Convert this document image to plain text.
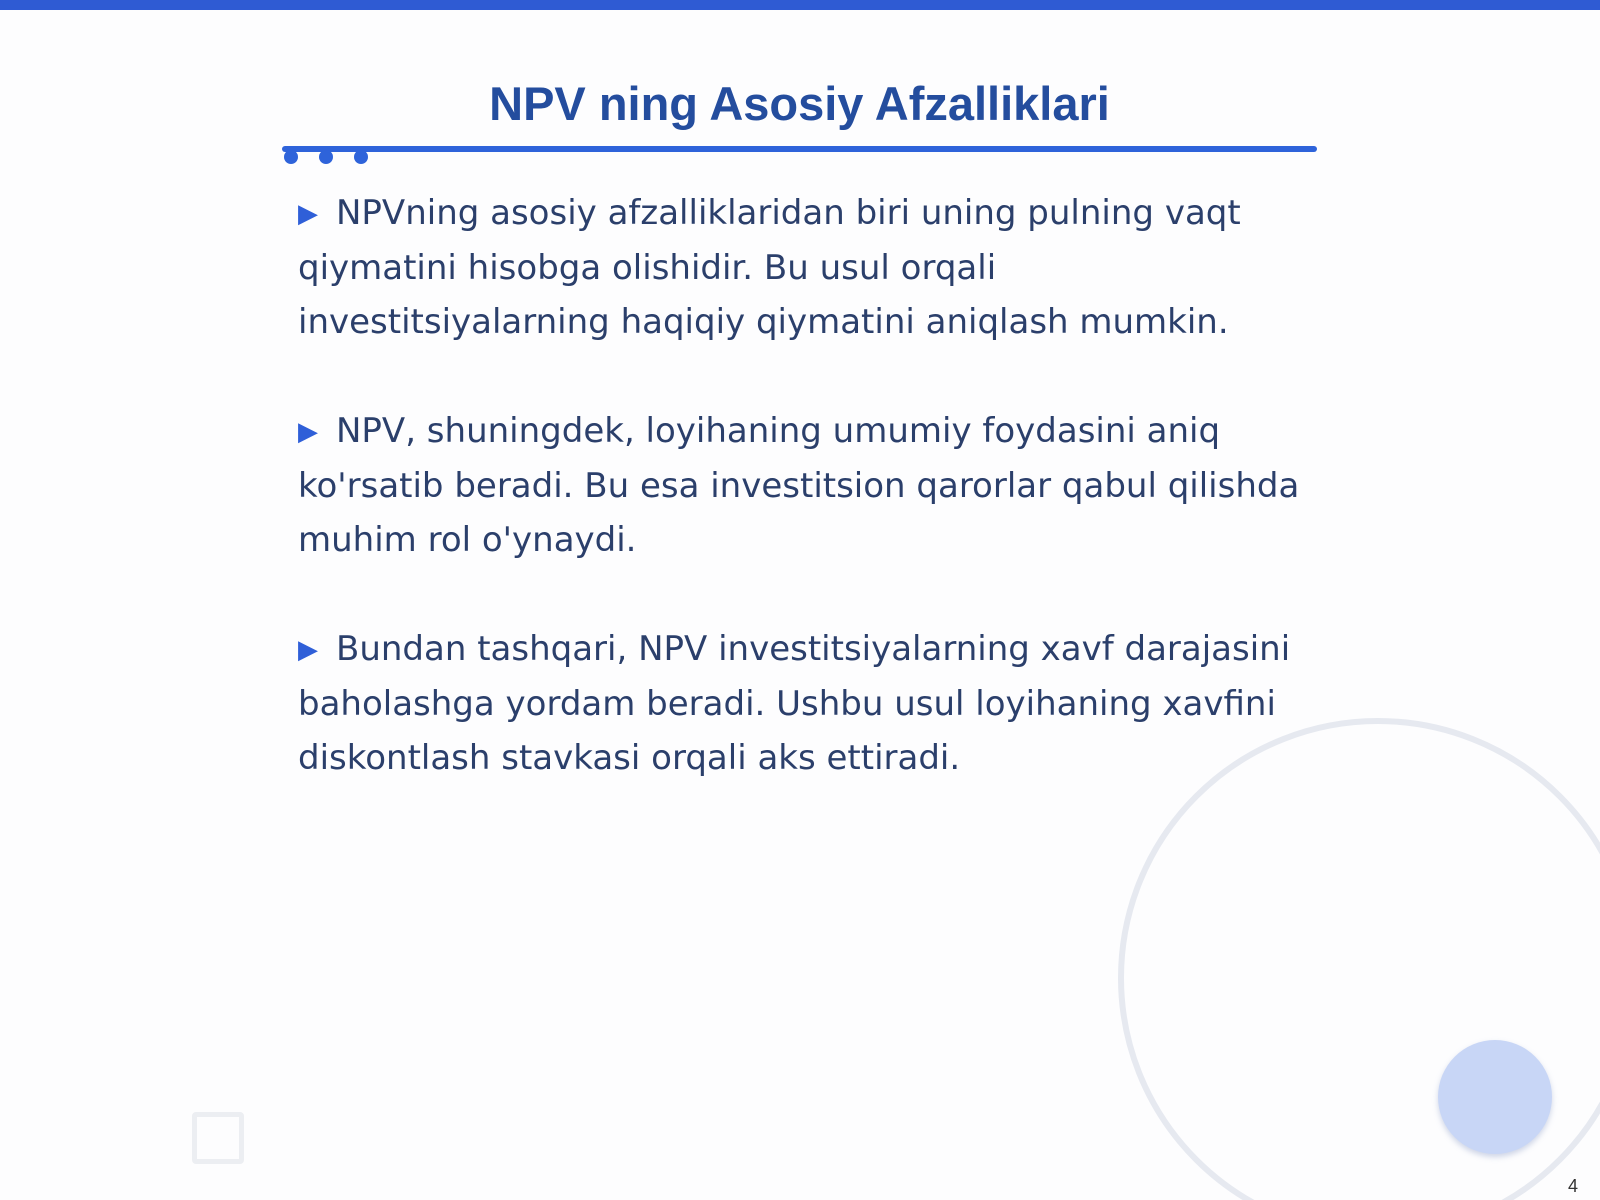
NPV ning Asosiy Afzalliklari

▶ NPVning asosiy afzalliklaridan biri uning pulning vaqt qiymatini hisobga olishidir. Bu usul orqali investitsiyalarning haqiqiy qiymatini aniqlash mumkin.

▶ NPV, shuningdek, loyihaning umumiy foydasini aniq ko'rsatib beradi. Bu esa investitsion qarorlar qabul qilishda muhim rol o'ynaydi.

▶ Bundan tashqari, NPV investitsiyalarning xavf darajasini baholashga yordam beradi. Ushbu usul loyihaning xavfini diskontlash stavkasi orqali aks ettiradi.

4
